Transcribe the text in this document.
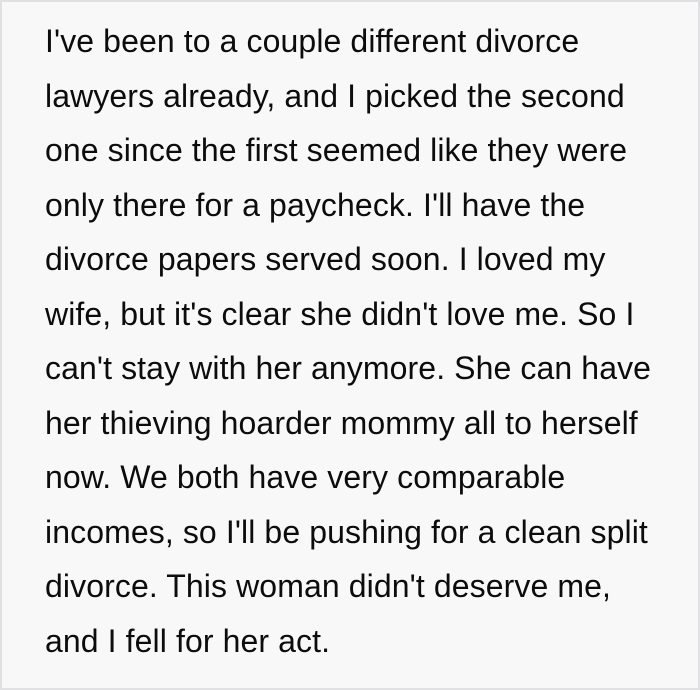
I've been to a couple different divorce
lawyers already, and I picked the second
one since the first seemed like they were
only there for a paycheck. I'll have the
divorce papers served soon. I loved my
wife, but it's clear she didn't love me. So I
can't stay with her anymore. She can have
her thieving hoarder mommy all to herself
now. We both have very comparable
incomes, so I'll be pushing for a clean split
divorce. This woman didn't deserve me,
and I fell for her act.
